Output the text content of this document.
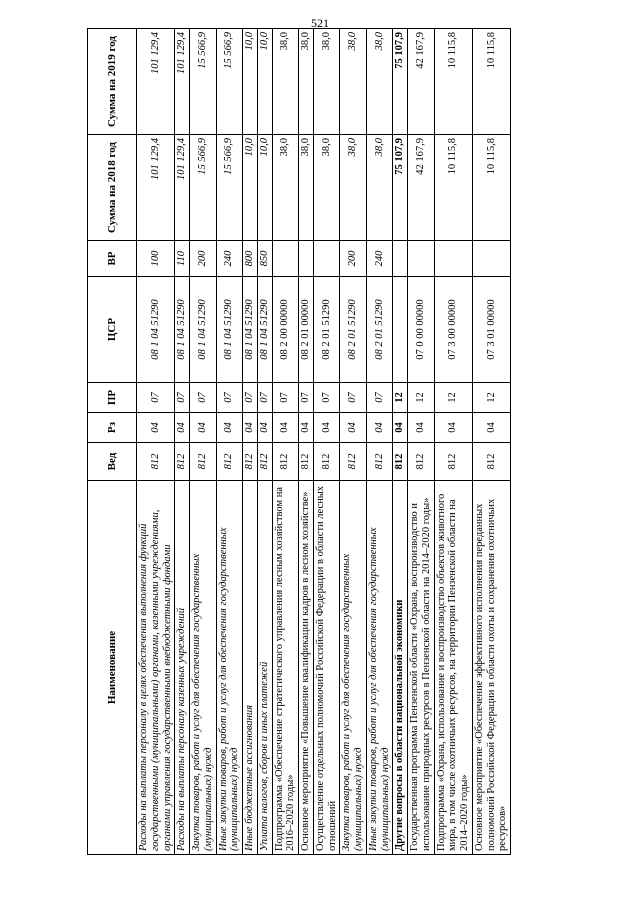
521
Наименование	Вед	Рз	ПР	ЦСР	ВР	Сумма на 2018 год	Сумма на 2019 год
Расходы на выплаты персоналу в целях обеспечения выполнения функций государственными (муниципальными) органами, казенными учреждениями, органами управления государственными внебюджетными фондами	812	04	07	08 1 04 51290	100	101 129,4	101 129,4
Расходы на выплаты персоналу казенных учреждений	812	04	07	08 1 04 51290	110	101 129,4	101 129,4
Закупка товаров, работ и услуг для обеспечения государственных (муниципальных) нужд	812	04	07	08 1 04 51290	200	15 566,9	15 566,9
Иные закупки товаров, работ и услуг для обеспечения государственных (муниципальных) нужд	812	04	07	08 1 04 51290	240	15 566,9	15 566,9
Иные бюджетные ассигнования	812	04	07	08 1 04 51290	800	10,0	10,0
Уплата налогов, сборов и иных платежей	812	04	07	08 1 04 51290	850	10,0	10,0
Подпрограмма «Обеспечение стратегического управления лесным хозяйством на 2016–2020 годы»	812	04	07	08 2 00 00000		38,0	38,0
Основное мероприятие «Повышение квалификации кадров в лесном хозяйстве»	812	04	07	08 2 01 00000		38,0	38,0
Осуществление отдельных полномочий Российской Федерации в области лесных отношений	812	04	07	08 2 01 51290		38,0	38,0
Закупка товаров, работ и услуг для обеспечения государственных (муниципальных) нужд	812	04	07	08 2 01 51290	200	38,0	38,0
Иные закупки товаров, работ и услуг для обеспечения государственных (муниципальных) нужд	812	04	07	08 2 01 51290	240	38,0	38,0
Другие вопросы в области национальной экономики	812	04	12			75 107,9	75 107,9
Государственная программа Пензенской области «Охрана, воспроизводство и использование природных ресурсов в Пензенской области на 2014–2020 годы»	812	04	12	07 0 00 00000		42 167,9	42 167,9
Подпрограмма «Охрана, использование и воспроизводство объектов животного мира, в том числе охотничьих ресурсов, на территории Пензенской области на 2014–2020 годы»	812	04	12	07 3 00 00000		10 115,8	10 115,8
Основное мероприятие «Обеспечение эффективного исполнения переданных полномочий Российской Федерации в области охоты и сохранения охотничьих ресурсов»	812	04	12	07 3 01 00000		10 115,8	10 115,8
